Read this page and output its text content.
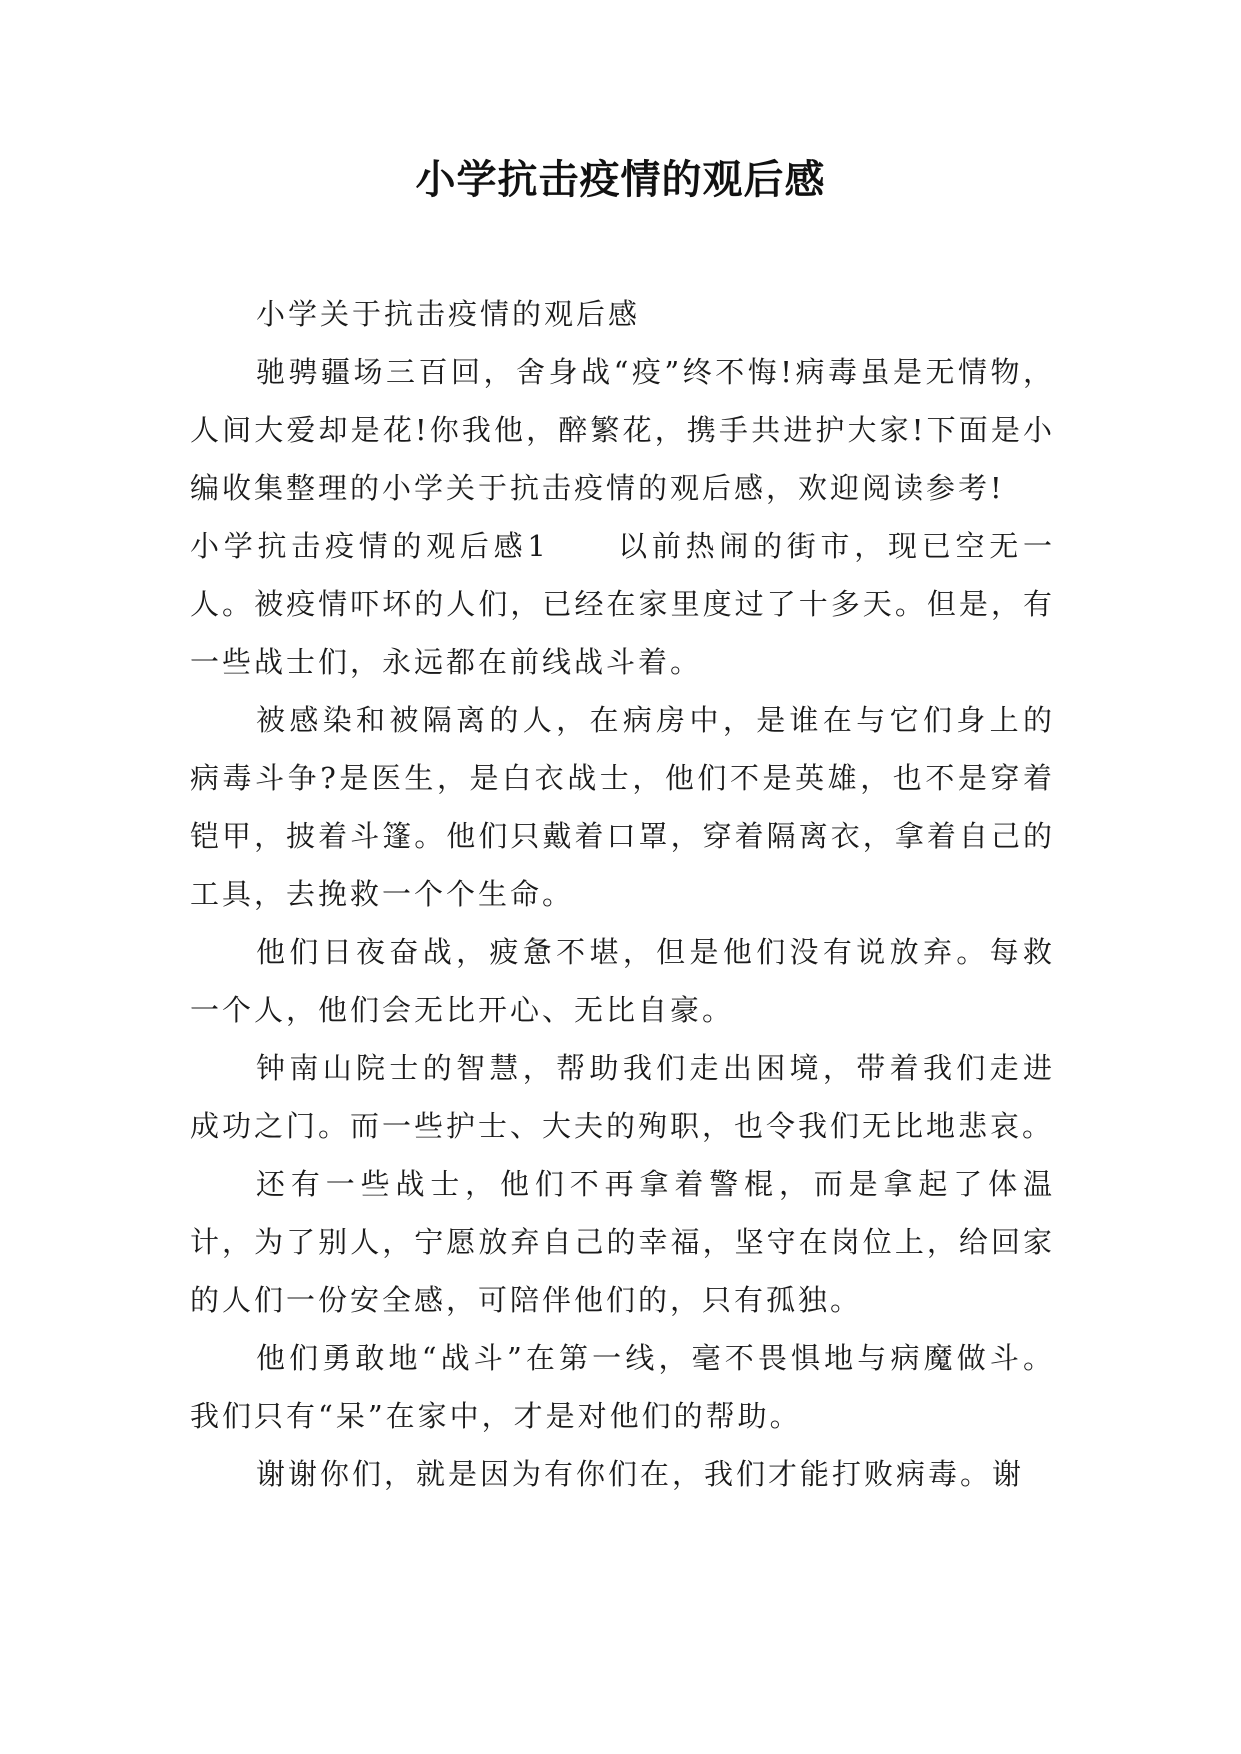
小学抗击疫情的观后感

小学关于抗击疫情的观后感

驰骋疆场三百回，舍身战“疫”终不悔!病毒虽是无情物，人间大爱却是花!你我他，醉繁花，携手共进护大家!下面是小编收集整理的小学关于抗击疫情的观后感，欢迎阅读参考!

小学抗击疫情的观后感1　　以前热闹的街市，现已空无一人。被疫情吓坏的人们，已经在家里度过了十多天。但是，有一些战士们，永远都在前线战斗着。

被感染和被隔离的人，在病房中，是谁在与它们身上的病毒斗争?是医生，是白衣战士，他们不是英雄，也不是穿着铠甲，披着斗篷。他们只戴着口罩，穿着隔离衣，拿着自己的工具，去挽救一个个生命。

他们日夜奋战，疲惫不堪，但是他们没有说放弃。每救一个人，他们会无比开心、无比自豪。

钟南山院士的智慧，帮助我们走出困境，带着我们走进成功之门。而一些护士、大夫的殉职，也令我们无比地悲哀。

还有一些战士，他们不再拿着警棍，而是拿起了体温计，为了别人，宁愿放弃自己的幸福，坚守在岗位上，给回家的人们一份安全感，可陪伴他们的，只有孤独。

他们勇敢地“战斗”在第一线，毫不畏惧地与病魔做斗。我们只有“呆”在家中，才是对他们的帮助。

谢谢你们，就是因为有你们在，我们才能打败病毒。谢
